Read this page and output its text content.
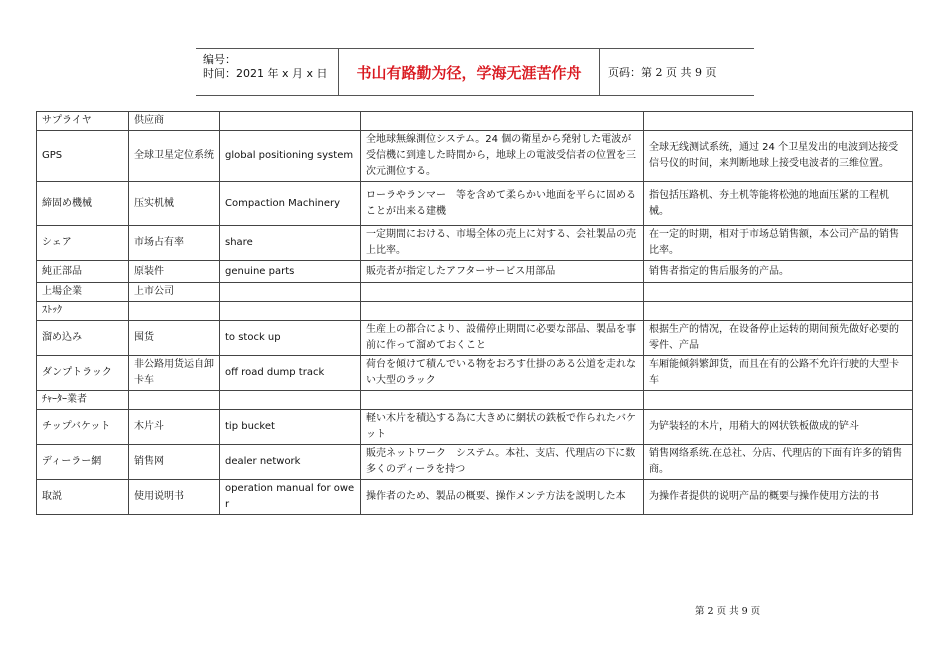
编号：
时间：2021 年 x 月 x 日	书山有路勤为径，学海无涯苦作舟	页码：第 2 页 共 9 页
サプライヤ	供应商			
GPS	全球卫星定位系统	global positioning system	全地球無線測位システム。24 個の衛星から発射した電波が受信機に到達した時間から，地球上の電波受信者の位置を三次元測位する。	全球无线测试系统，通过 24 个卫星发出的电波到达接受信号仪的时间，来判断地球上接受电波者的三维位置。
締固め機械	压实机械	Compaction Machinery	ローラやランマー　等を含めて柔らかい地面を平らに固めることが出来る建機	指包括压路机、夯土机等能将松弛的地面压紧的工程机械。
シェア	市场占有率	share	一定期間における、市場全体の売上に対する、会社製品の売上比率。	在一定的时期，相对于市场总销售额，本公司产品的销售比率。
純正部品	原装件	genuine parts	販売者が指定したアフターサービス用部品	销售者指定的售后服务的产品。
上場企業	上市公司			
ｽﾄｯｸ				
溜め込み	囤货	to stock up	生産上の都合により、設備停止期間に必要な部品、製品を事前に作って溜めておくこと	根据生产的情况，在设备停止运转的期间预先做好必要的零件、产品
ダンプトラック	非公路用货运自卸卡车	off road dump track	荷台を傾けて積んでいる物をおろす仕掛のある公道を走れない大型のラック	车厢能倾斜繁卸货，而且在有的公路不允许行驶的大型卡车
ﾁｬｰﾀｰ業者				
チップバケット	木片斗	tip bucket	軽い木片を積込する為に大きめに網状の鉄板で作られたバケット	为铲装轻的木片，用稍大的网状铁板做成的铲斗
ディーラー網	销售网	dealer network	販売ネットワーク　システム。本社、支店、代理店の下に数多くのディーラを持つ	销售网络系统.在总社、分店、代理店的下面有许多的销售商。
取説	使用说明书	operation manual for ower	操作者のため、製品の概要、操作メンテ方法を説明した本	为操作者提供的说明产品的概要与操作使用方法的书
第 2 页 共 9 页
